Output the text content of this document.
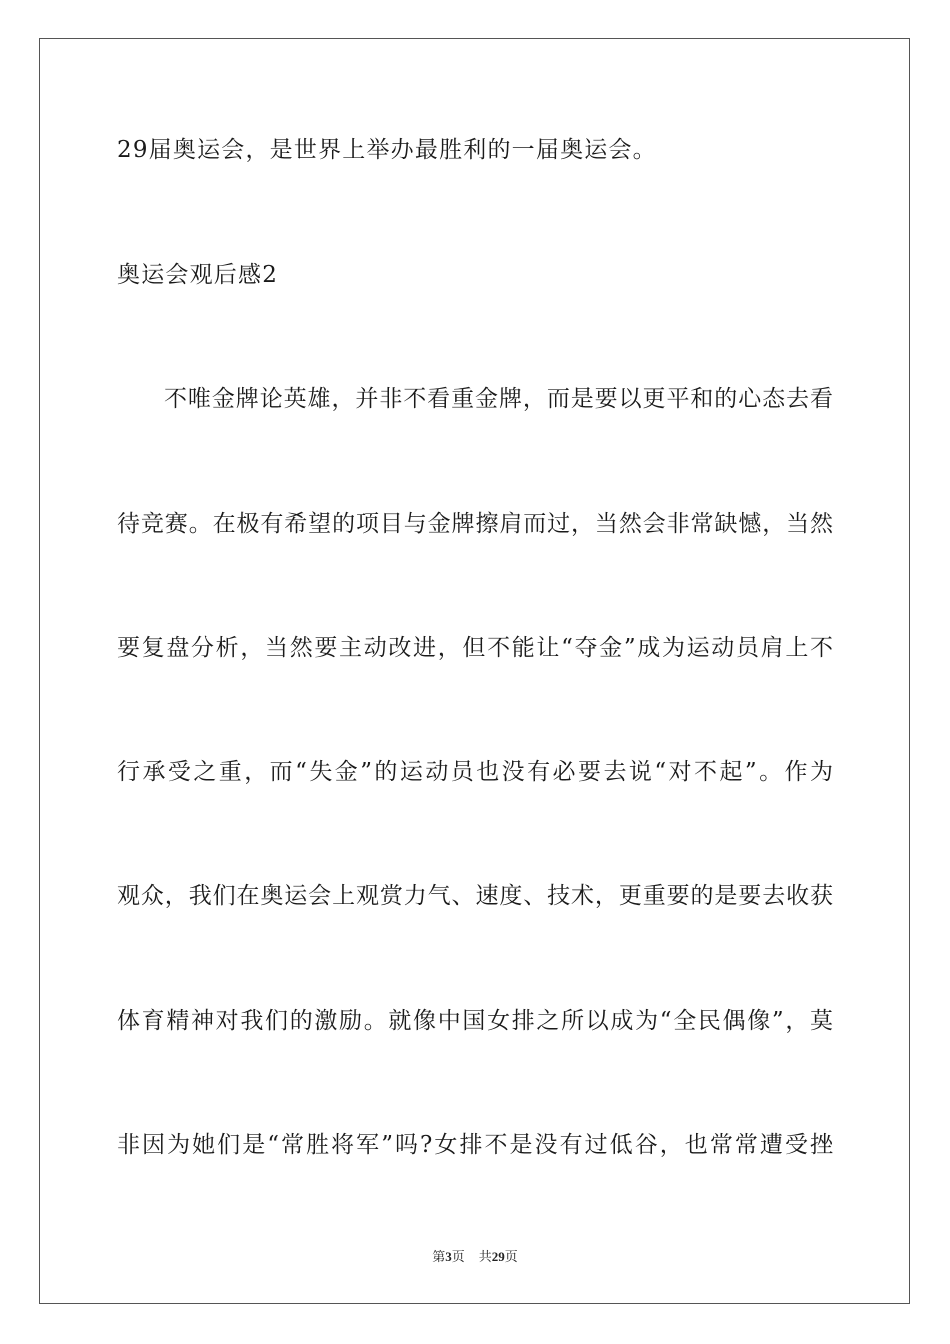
29届奥运会，是世界上举办最胜利的一届奥运会。
奥运会观后感2
不唯金牌论英雄，并非不看重金牌，而是要以更平和的心态去看
待竞赛。在极有希望的项目与金牌擦肩而过，当然会非常缺憾，当然
要复盘分析，当然要主动改进，但不能让“夺金”成为运动员肩上不
行承受之重，而“失金”的运动员也没有必要去说“对不起”。作为
观众，我们在奥运会上观赏力气、速度、技术，更重要的是要去收获
体育精神对我们的激励。就像中国女排之所以成为“全民偶像”，莫
非因为她们是“常胜将军”吗?女排不是没有过低谷，也常常遭受挫
第3页 共29页
